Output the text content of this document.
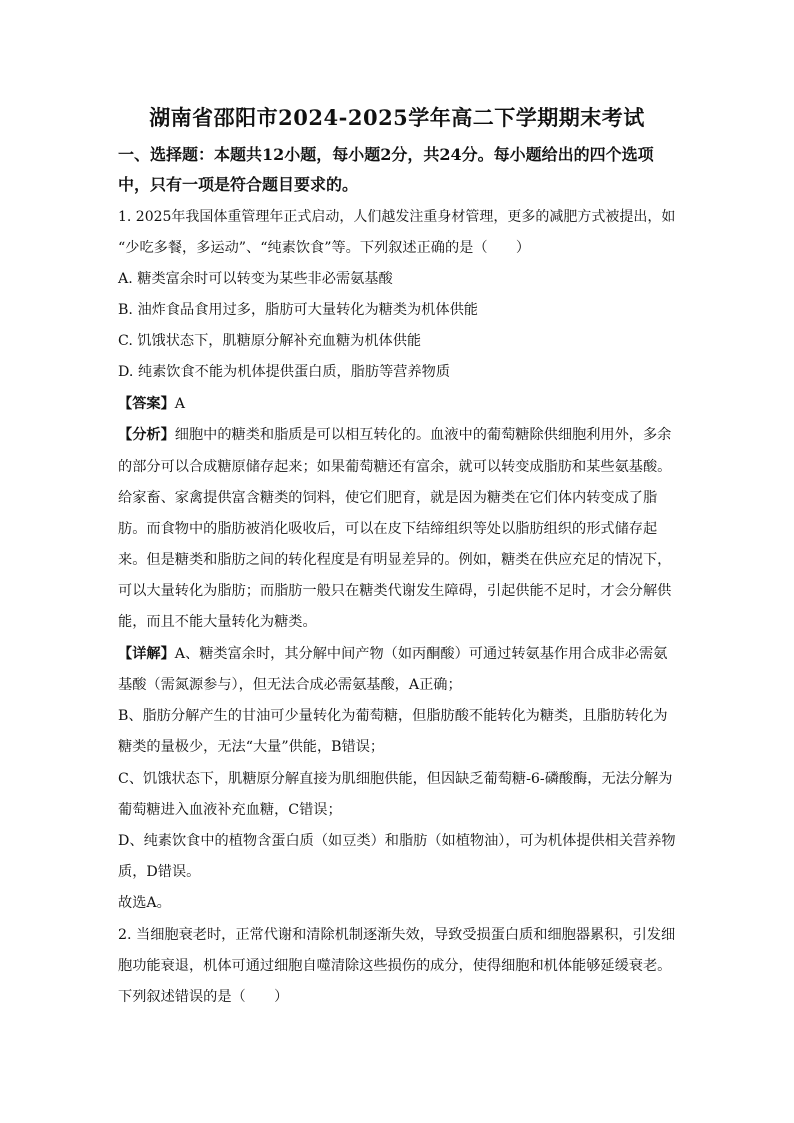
湖南省邵阳市2024-2025学年高二下学期期末考试
一、选择题：本题共12小题，每小题2分，共24分。每小题给出的四个选项
中，只有一项是符合题目要求的。
1. 2025年我国体重管理年正式启动，人们越发注重身材管理，更多的减肥方式被提出，如
“少吃多餐，多运动”、“纯素饮食”等。下列叙述正确的是（　　）
A. 糖类富余时可以转变为某些非必需氨基酸
B. 油炸食品食用过多，脂肪可大量转化为糖类为机体供能
C. 饥饿状态下，肌糖原分解补充血糖为机体供能
D. 纯素饮食不能为机体提供蛋白质，脂肪等营养物质
【答案】A
【分析】细胞中的糖类和脂质是可以相互转化的。血液中的葡萄糖除供细胞利用外，多余
的部分可以合成糖原储存起来；如果葡萄糖还有富余，就可以转变成脂肪和某些氨基酸。
给家畜、家禽提供富含糖类的饲料，使它们肥育，就是因为糖类在它们体内转变成了脂
肪。而食物中的脂肪被消化吸收后，可以在皮下结缔组织等处以脂肪组织的形式储存起
来。但是糖类和脂肪之间的转化程度是有明显差异的。例如，糖类在供应充足的情况下，
可以大量转化为脂肪；而脂肪一般只在糖类代谢发生障碍，引起供能不足时，才会分解供
能，而且不能大量转化为糖类。
【详解】A、糖类富余时，其分解中间产物（如丙酮酸）可通过转氨基作用合成非必需氨
基酸（需氮源参与），但无法合成必需氨基酸，A正确；
B、脂肪分解产生的甘油可少量转化为葡萄糖，但脂肪酸不能转化为糖类，且脂肪转化为
糖类的量极少，无法“大量”供能，B错误；
C、饥饿状态下，肌糖原分解直接为肌细胞供能，但因缺乏葡萄糖-6-磷酸酶，无法分解为
葡萄糖进入血液补充血糖，C错误；
D、纯素饮食中的植物含蛋白质（如豆类）和脂肪（如植物油），可为机体提供相关营养物
质，D错误。
故选A。
2. 当细胞衰老时，正常代谢和清除机制逐渐失效，导致受损蛋白质和细胞器累积，引发细
胞功能衰退，机体可通过细胞自噬清除这些损伤的成分，使得细胞和机体能够延缓衰老。
下列叙述错误的是（　　）
